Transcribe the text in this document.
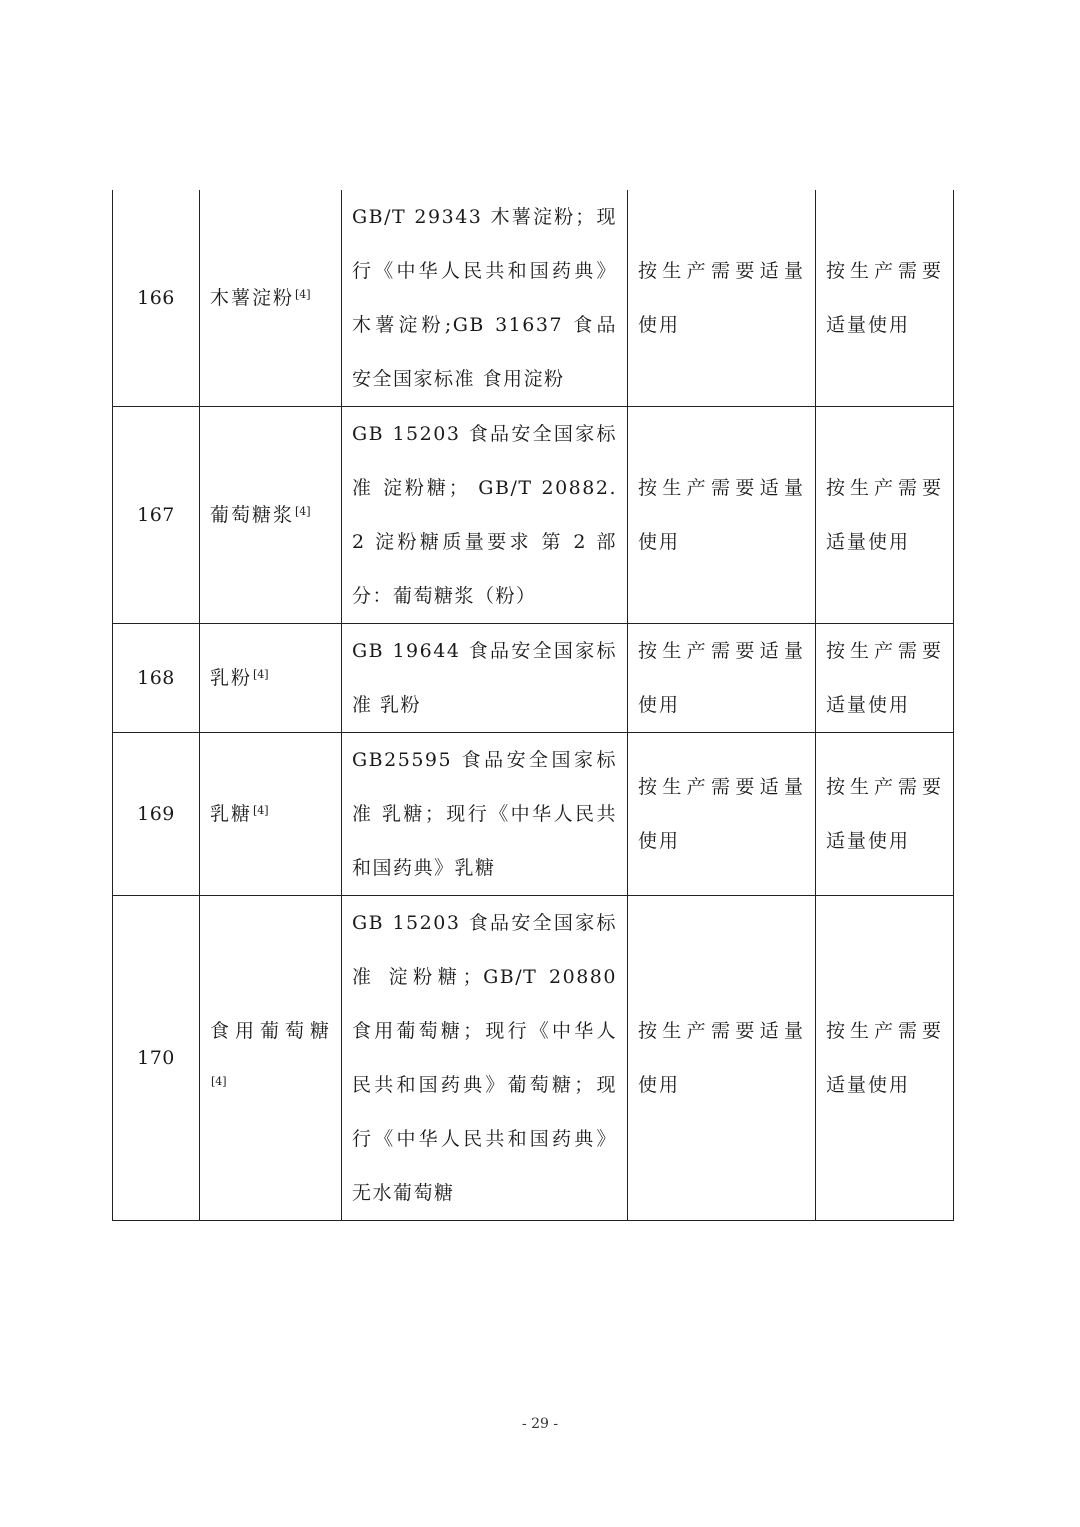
166	木薯淀粉[4]	GB/T 29343 木薯淀粉；现行《中华人民共和国药典》木薯淀粉;GB 31637 食品安全国家标准 食用淀粉	按生产需要适量使用	按生产需要适量使用
167	葡萄糖浆[4]	GB 15203 食品安全国家标准 淀粉糖； GB/T 20882.2 淀粉糖质量要求 第 2 部分：葡萄糖浆（粉）	按生产需要适量使用	按生产需要适量使用
168	乳粉[4]	GB 19644 食品安全国家标准 乳粉	按生产需要适量使用	按生产需要适量使用
169	乳糖[4]	GB25595 食品安全国家标准 乳糖；现行《中华人民共和国药典》乳糖	按生产需要适量使用	按生产需要适量使用
170	食用葡萄糖[4]	GB 15203 食品安全国家标准 淀粉糖；GB/T 20880 食用葡萄糖；现行《中华人民共和国药典》葡萄糖；现行《中华人民共和国药典》无水葡萄糖	按生产需要适量使用	按生产需要适量使用
- 29 -
